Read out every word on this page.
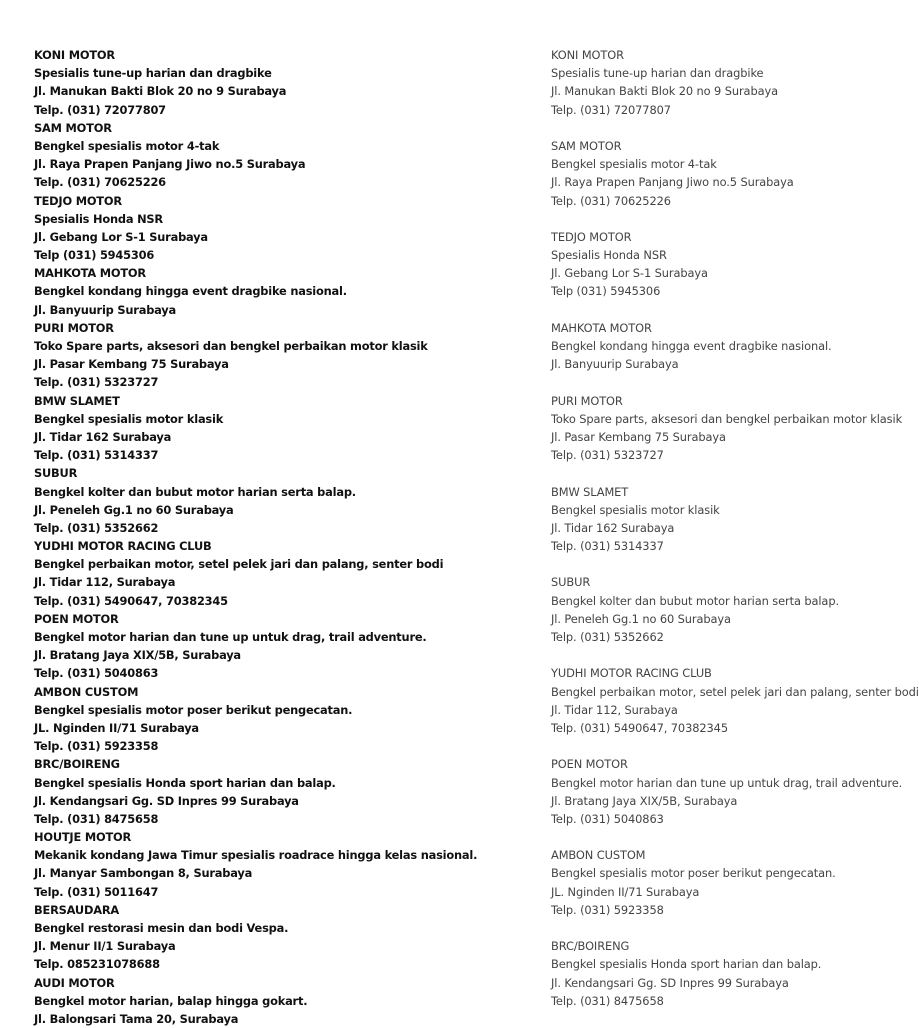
KONI MOTOR
Spesialis tune-up harian dan dragbike
Jl. Manukan Bakti Blok 20 no 9 Surabaya
Telp. (031) 72077807
SAM MOTOR
Bengkel spesialis motor 4-tak
Jl. Raya Prapen Panjang Jiwo no.5 Surabaya
Telp. (031) 70625226
TEDJO MOTOR
Spesialis Honda NSR
Jl. Gebang Lor S-1 Surabaya
Telp (031) 5945306
MAHKOTA MOTOR
Bengkel kondang hingga event dragbike nasional.
Jl. Banyuurip Surabaya
PURI MOTOR
Toko Spare parts, aksesori dan bengkel perbaikan motor klasik
Jl. Pasar Kembang 75 Surabaya
Telp. (031) 5323727
BMW SLAMET
Bengkel spesialis motor klasik
Jl. Tidar 162 Surabaya
Telp. (031) 5314337
SUBUR
Bengkel kolter dan bubut motor harian serta balap.
Jl. Peneleh Gg.1 no 60 Surabaya
Telp. (031) 5352662
YUDHI MOTOR RACING CLUB
Bengkel perbaikan motor, setel pelek jari dan palang, senter bodi
Jl. Tidar 112, Surabaya
Telp. (031) 5490647, 70382345
POEN MOTOR
Bengkel motor harian dan tune up untuk drag, trail adventure.
Jl. Bratang Jaya XIX/5B, Surabaya
Telp. (031) 5040863
AMBON CUSTOM
Bengkel spesialis motor poser berikut pengecatan.
JL. Nginden II/71 Surabaya
Telp. (031) 5923358
BRC/BOIRENG
Bengkel spesialis Honda sport harian dan balap.
Jl. Kendangsari Gg. SD Inpres 99 Surabaya
Telp. (031) 8475658
HOUTJE MOTOR
Mekanik kondang Jawa Timur spesialis roadrace hingga kelas nasional.
Jl. Manyar Sambongan 8, Surabaya
Telp. (031) 5011647
BERSAUDARA
Bengkel restorasi mesin dan bodi Vespa.
Jl. Menur II/1 Surabaya
Telp. 085231078688
AUDI MOTOR
Bengkel motor harian, balap hingga gokart.
Jl. Balongsari Tama 20, Surabaya
KONI MOTOR
Spesialis tune-up harian dan dragbike
Jl. Manukan Bakti Blok 20 no 9 Surabaya
Telp. (031) 72077807
SAM MOTOR
Bengkel spesialis motor 4-tak
Jl. Raya Prapen Panjang Jiwo no.5 Surabaya
Telp. (031) 70625226
TEDJO MOTOR
Spesialis Honda NSR
Jl. Gebang Lor S-1 Surabaya
Telp (031) 5945306
MAHKOTA MOTOR
Bengkel kondang hingga event dragbike nasional.
Jl. Banyuurip Surabaya
PURI MOTOR
Toko Spare parts, aksesori dan bengkel perbaikan motor klasik
Jl. Pasar Kembang 75 Surabaya
Telp. (031) 5323727
BMW SLAMET
Bengkel spesialis motor klasik
Jl. Tidar 162 Surabaya
Telp. (031) 5314337
SUBUR
Bengkel kolter dan bubut motor harian serta balap.
Jl. Peneleh Gg.1 no 60 Surabaya
Telp. (031) 5352662
YUDHI MOTOR RACING CLUB
Bengkel perbaikan motor, setel pelek jari dan palang, senter bodi
Jl. Tidar 112, Surabaya
Telp. (031) 5490647, 70382345
POEN MOTOR
Bengkel motor harian dan tune up untuk drag, trail adventure.
Jl. Bratang Jaya XIX/5B, Surabaya
Telp. (031) 5040863
AMBON CUSTOM
Bengkel spesialis motor poser berikut pengecatan.
JL. Nginden II/71 Surabaya
Telp. (031) 5923358
BRC/BOIRENG
Bengkel spesialis Honda sport harian dan balap.
Jl. Kendangsari Gg. SD Inpres 99 Surabaya
Telp. (031) 8475658
